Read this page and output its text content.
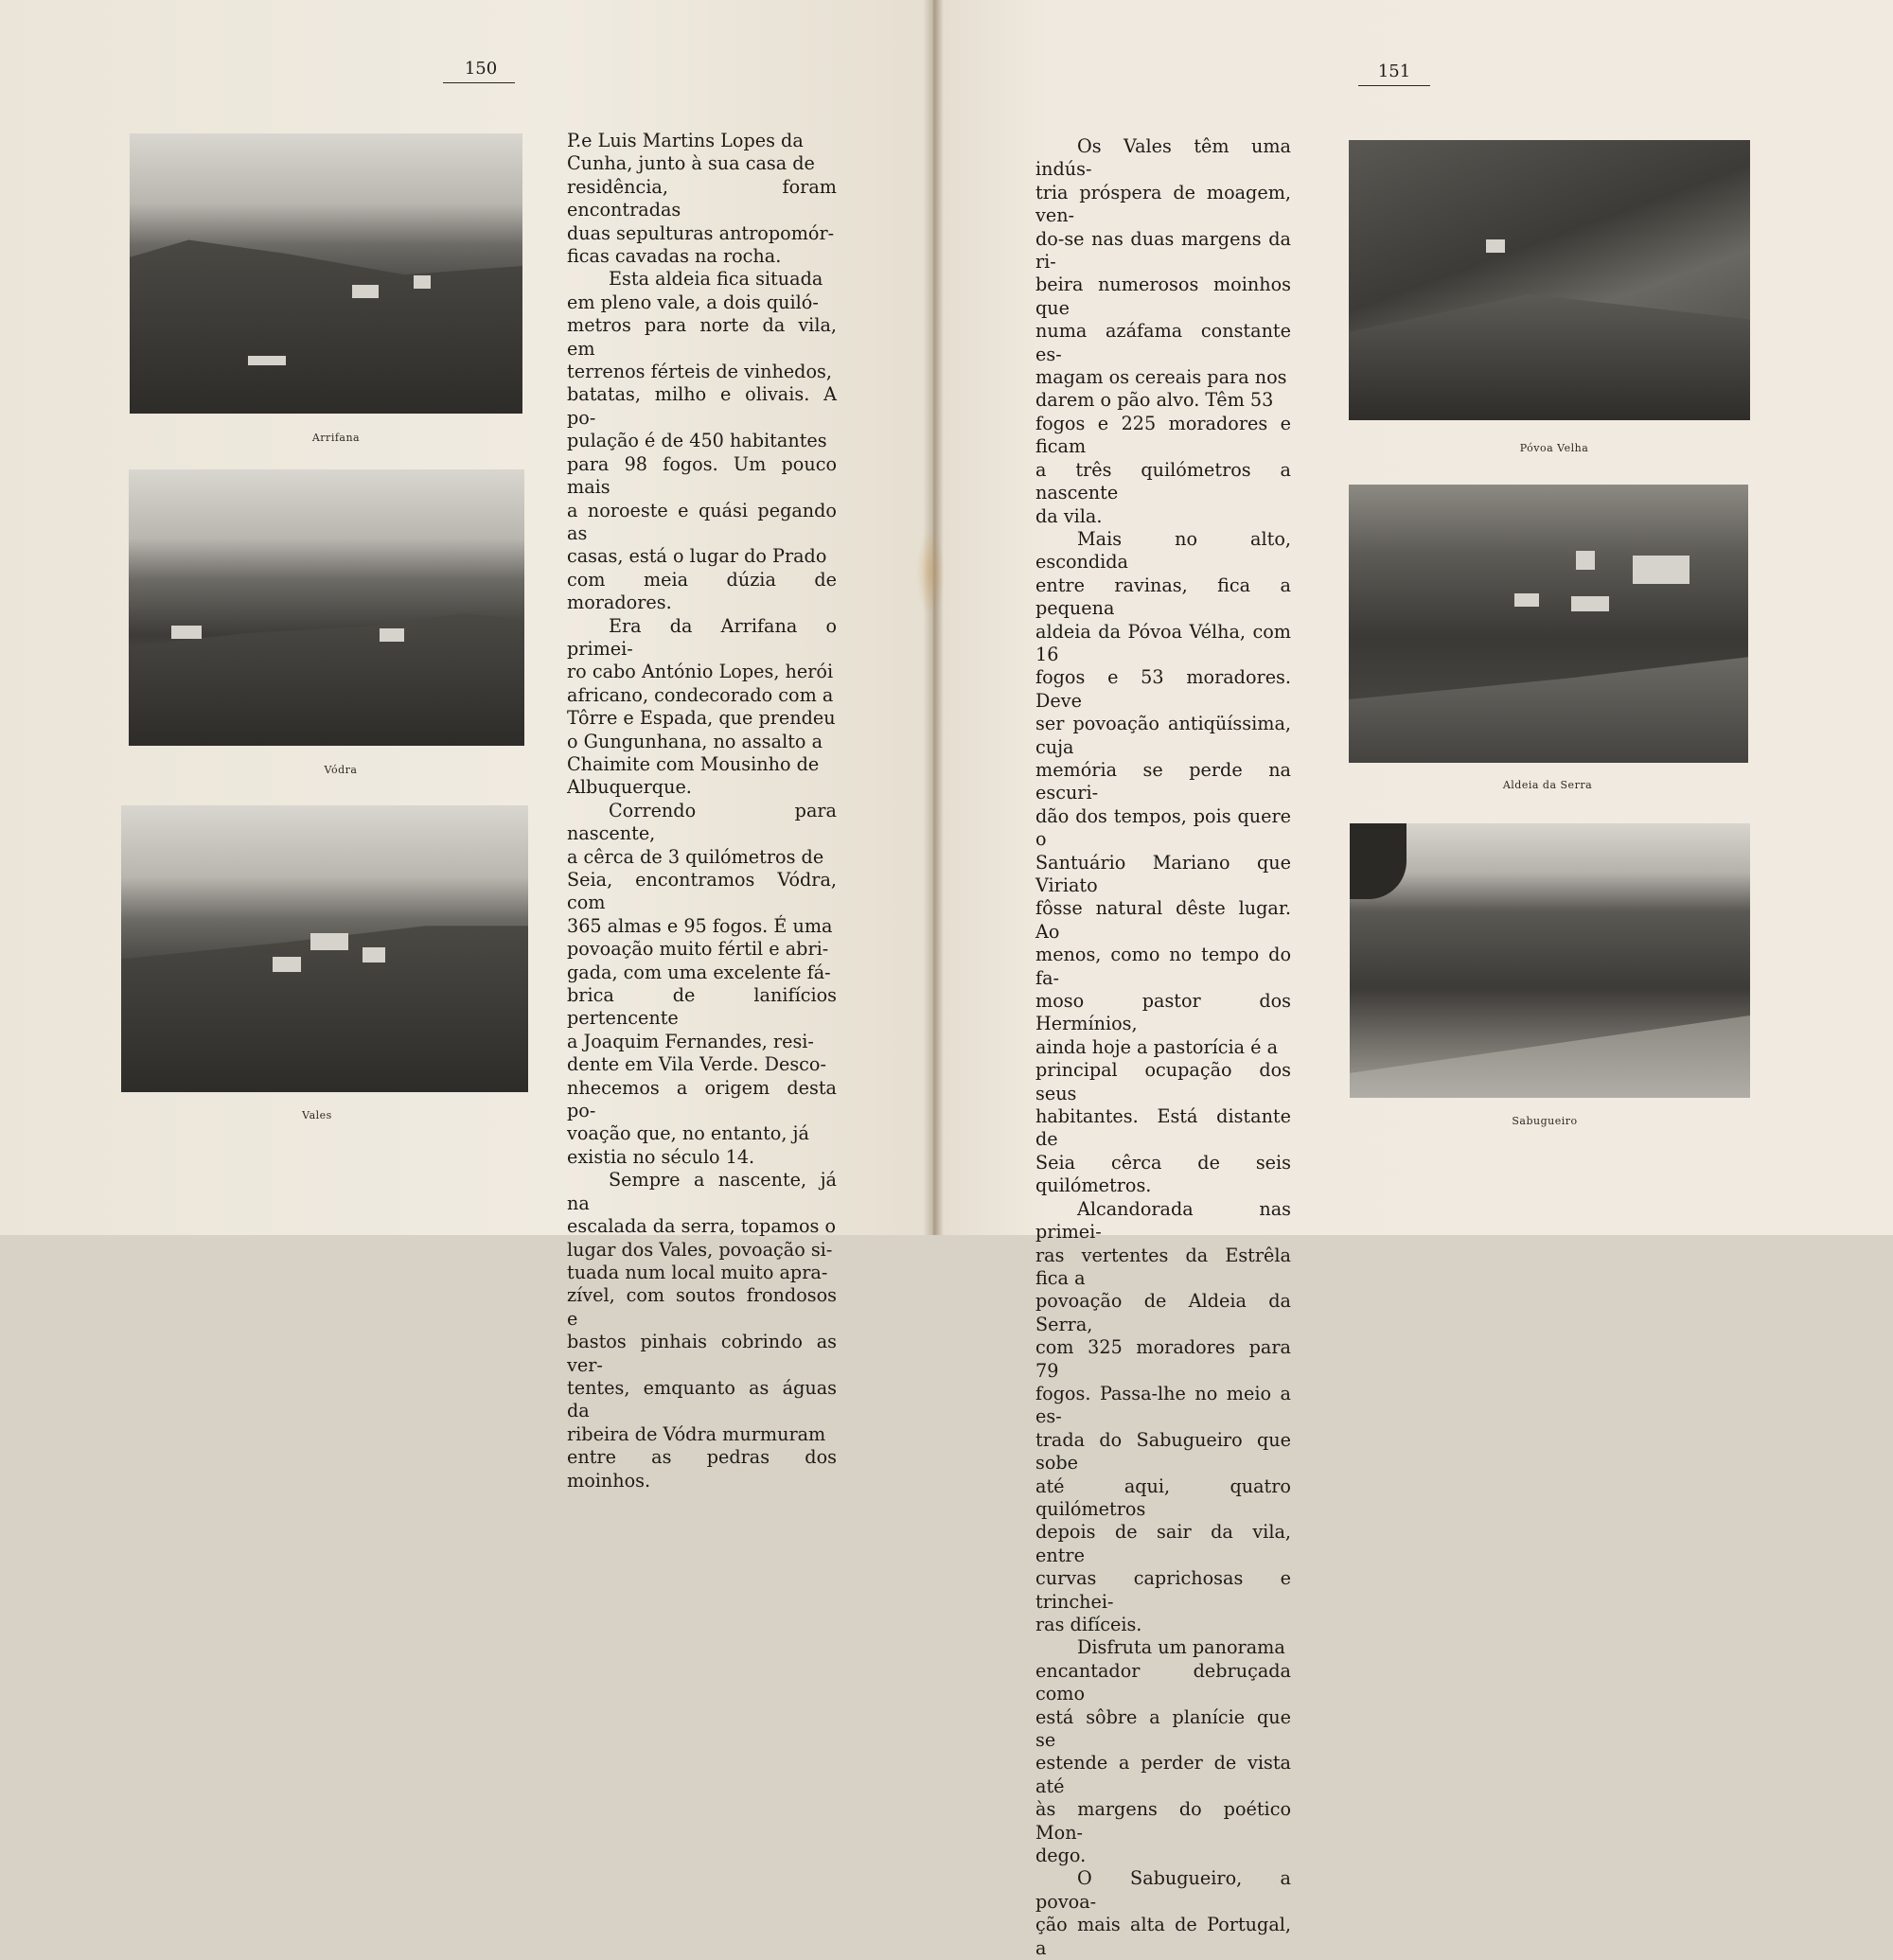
150
Arrifana
Vódra
Vales

P.e Luis Martins Lopes da

Cunha, junto à sua casa de

residência, foram encontradas

duas sepulturas antropomór-

ficas cavadas na rocha.

Esta aldeia fica situada

em pleno vale, a dois quiló-

metros para norte da vila, em

terrenos férteis de vinhedos,

batatas, milho e olivais. A po-

pulação é de 450 habitantes

para 98 fogos. Um pouco mais

a noroeste e quási pegando as

casas, está o lugar do Prado

com meia dúzia de moradores.

Era da Arrifana o primei-

ro cabo António Lopes, herói

africano, condecorado com a

Tôrre e Espada, que prendeu

o Gungunhana, no assalto a

Chaimite com Mousinho de

Albuquerque.

Correndo para nascente,

a cêrca de 3 quilómetros de

Seia, encontramos Vódra, com

365 almas e 95 fogos. É uma

povoação muito fértil e abri-

gada, com uma excelente fá-

brica de lanifícios pertencente

a Joaquim Fernandes, resi-

dente em Vila Verde. Desco-

nhecemos a origem desta po-

voação que, no entanto, já

existia no século 14.

Sempre a nascente, já na

escalada da serra, topamos o

lugar dos Vales, povoação si-

tuada num local muito apra-

zível, com soutos frondosos e

bastos pinhais cobrindo as ver-

tentes, emquanto as águas da

ribeira de Vódra murmuram

entre as pedras dos moinhos.

151

Os Vales têm uma indús-

tria próspera de moagem, ven-

do-se nas duas margens da ri-

beira numerosos moinhos que

numa azáfama constante es-

magam os cereais para nos

darem o pão alvo. Têm 53

fogos e 225 moradores e ficam

a três quilómetros a nascente

da vila.

Mais no alto, escondida

entre ravinas, fica a pequena

aldeia da Póvoa Vélha, com 16

fogos e 53 moradores. Deve

ser povoação antiqüíssima, cuja

memória se perde na escuri-

dão dos tempos, pois quere o

Santuário Mariano que Viriato

fôsse natural dêste lugar. Ao

menos, como no tempo do fa-

moso pastor dos Hermínios,

ainda hoje a pastorícia é a

principal ocupação dos seus

habitantes. Está distante de

Seia cêrca de seis quilómetros.

Alcandorada nas primei-

ras vertentes da Estrêla fica a

povoação de Aldeia da Serra,

com 325 moradores para 79

fogos. Passa-lhe no meio a es-

trada do Sabugueiro que sobe

até aqui, quatro quilómetros

depois de sair da vila, entre

curvas caprichosas e trinchei-

ras difíceis.

Disfruta um panorama

encantador debruçada como

está sôbre a planície que se

estende a perder de vista até

às margens do poético Mon-

dego.

O Sabugueiro, a povoa-

ção mais alta de Portugal, a

Póvoa Velha
Aldeia da Serra
Sabugueiro
